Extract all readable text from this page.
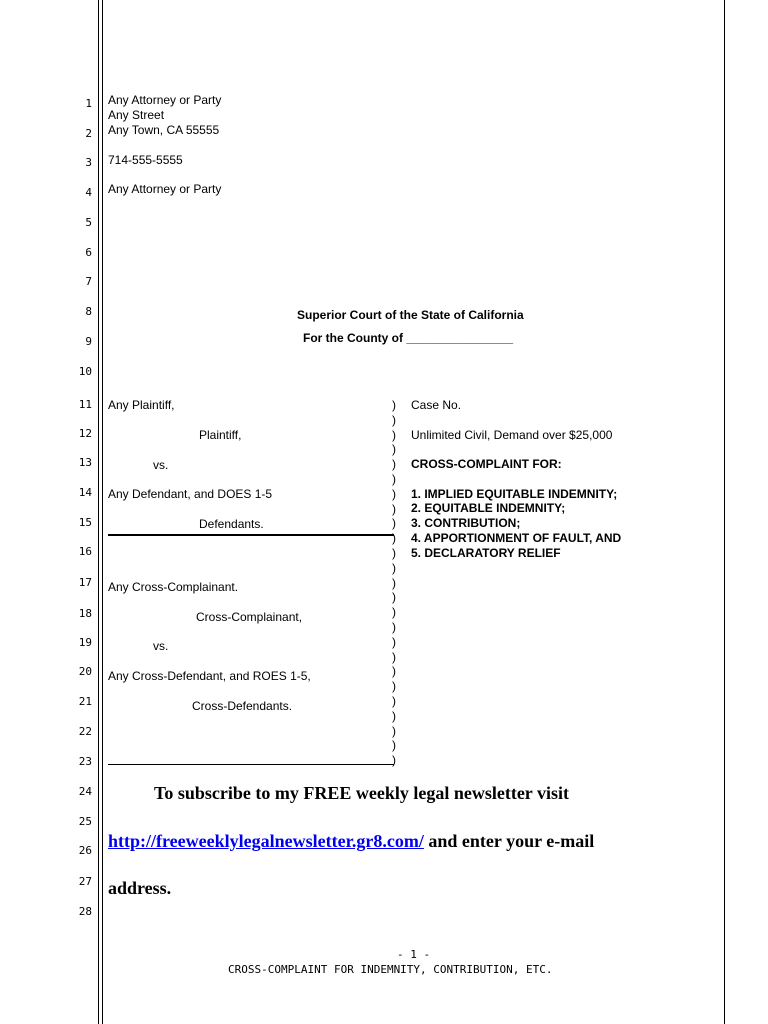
1
2
3
4
5
6
7
8
9
10
11
12
13
14
15
16
17
18
19
20
21
22
23
24
25
26
27
28
Any Attorney or Party
Any Street
Any Town, CA 55555
714-555-5555
Any Attorney or Party
Superior Court of the State of California
For the County of ________________
Any Plaintiff,
Plaintiff,
vs.
Any Defendant, and DOES 1-5
Defendants.
Any Cross-Complainant.
Cross-Complainant,
vs.
Any Cross-Defendant, and ROES 1-5,
Cross-Defendants.
)
)
)
)
)
)
)
)
)
)
)
)
)
)
)
)
)
)
)
)
)
)
)
)
)
Case No.
Unlimited Civil, Demand over $25,000
CROSS-COMPLAINT FOR:
1. IMPLIED EQUITABLE INDEMNITY;
2. EQUITABLE INDEMNITY;
3. CONTRIBUTION;
4. APPORTIONMENT OF FAULT, AND
5. DECLARATORY RELIEF
To subscribe to my FREE weekly legal newsletter visit
http://freeweeklylegalnewsletter.gr8.com/ and enter your e-mail
address.
- 1 -
CROSS-COMPLAINT FOR INDEMNITY, CONTRIBUTION, ETC.
